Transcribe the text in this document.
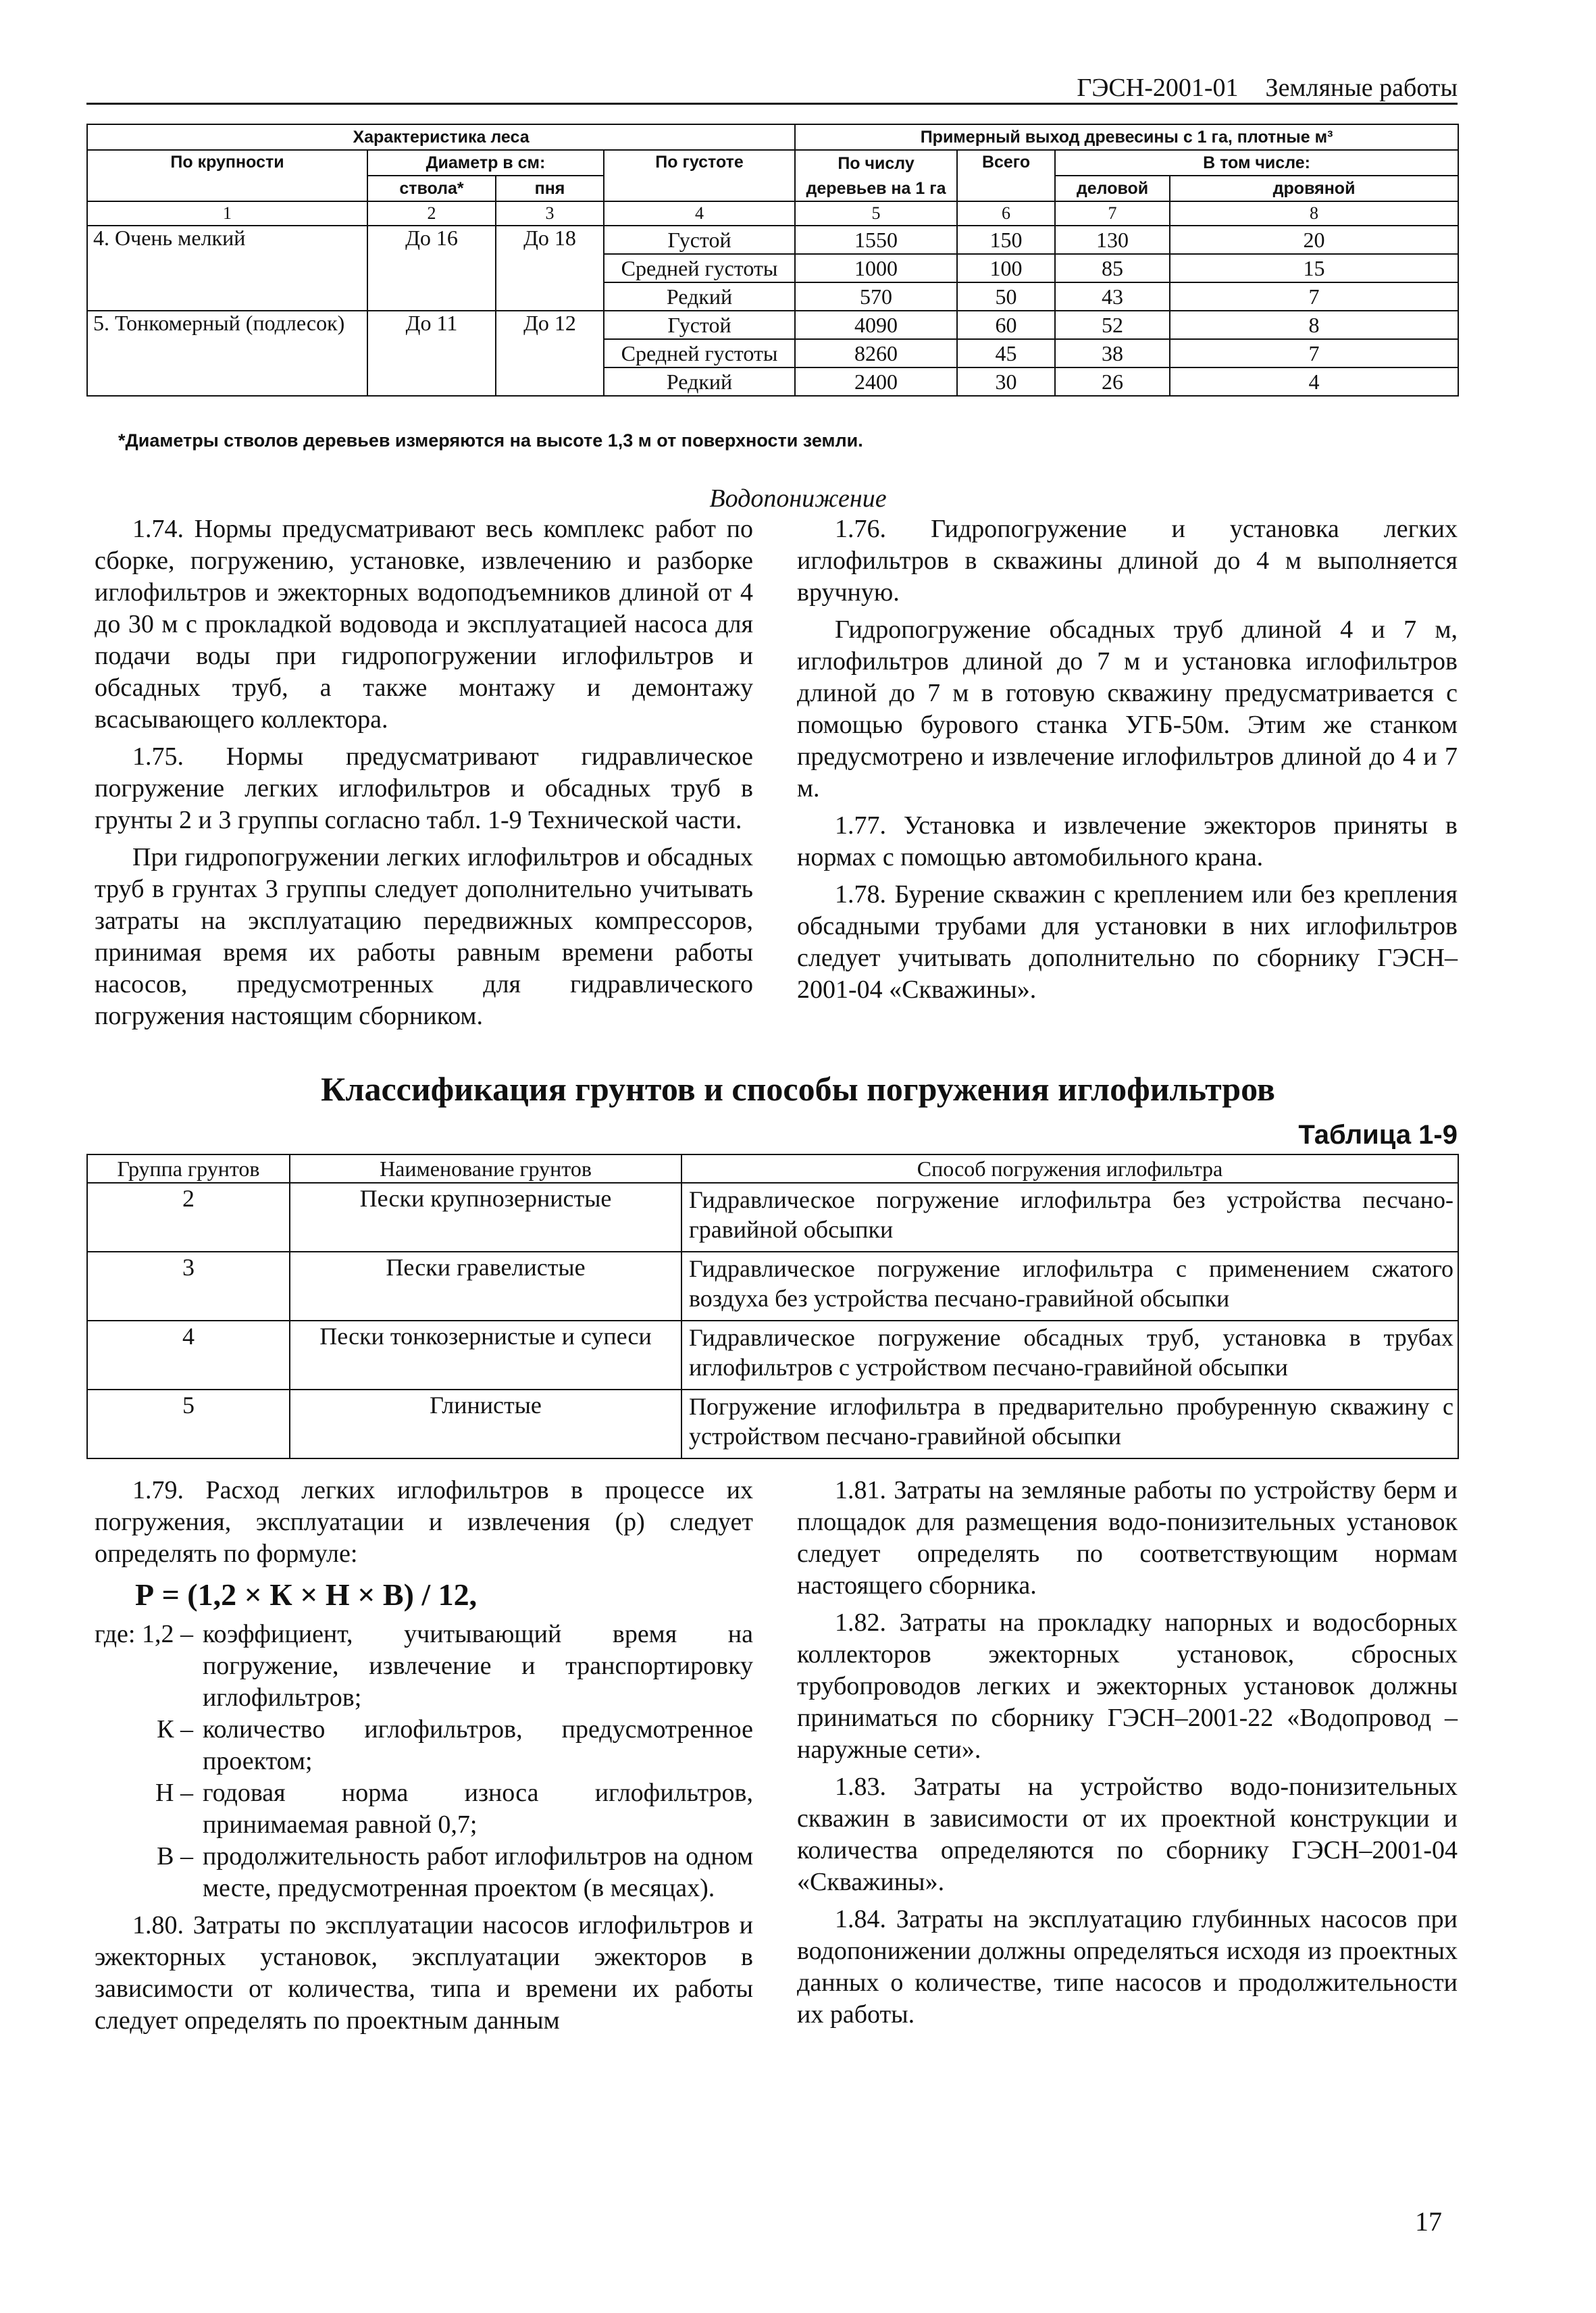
ГЭСН-2001-01 Земляные работы
Характеристика леса				Примерный выход древесины с 1 га, плотные м³			
По крупности	Диаметр в см:		По густоте	По числу	Всего	В том числе:	
	ствола*	пня		деревьев на 1 га		деловой	дровяной
1	2	3	4	5	6	7	8
4. Очень мелкий	До 16	До 18	Густой	1550	150	130	20
			Средней густоты	1000	100	85	15
			Редкий	570	50	43	7
5. Тонкомерный (подлесок)	До 11	До 12	Густой	4090	60	52	8
			Средней густоты	8260	45	38	7
			Редкий	2400	30	26	4
*Диаметры стволов деревьев измеряются на высоте 1,3 м от поверхности земли.
Водопонижение

1.74. Нормы предусматривают весь комплекс работ по сборке, погружению, установке, извлечению и разборке иглофильтров и эжекторных водоподъемников длиной от 4 до 30 м с прокладкой водовода и эксплуатацией насоса для подачи воды при гидропогружении иглофильтров и обсадных труб, а также монтажу и демонтажу всасывающего коллектора.

1.75. Нормы предусматривают гидравлическое погружение легких иглофильтров и обсадных труб в грунты 2 и 3 группы согласно табл. 1-9 Технической части.

При гидропогружении легких иглофильтров и обсадных труб в грунтах 3 группы следует дополнительно учитывать затраты на эксплуатацию передвижных компрессоров, принимая время их работы равным времени работы насосов, предусмотренных для гидравлического погружения настоящим сборником.

1.76. Гидропогружение и установка легких иглофильтров в скважины длиной до 4 м выполняется вручную.

Гидропогружение обсадных труб длиной 4 и 7 м, иглофильтров длиной до 7 м и установка иглофильтров длиной до 7 м в готовую скважину предусматривается с помощью бурового станка УГБ-50м. Этим же станком предусмотрено и извлечение иглофильтров длиной до 4 и 7 м.

1.77. Установка и извлечение эжекторов приняты в нормах с помощью автомобильного крана.

1.78. Бурение скважин с креплением или без крепления обсадными трубами для установки в них иглофильтров следует учитывать дополнительно по сборнику ГЭСН–2001-04 «Скважины».

Классификация грунтов и способы погружения иглофильтров
Таблица 1-9
Группа грунтов	Наименование грунтов	Способ погружения иглофильтра
2	Пески крупнозернистые	Гидравлическое погружение иглофильтра без устройства песчано-гравийной обсыпки
3	Пески гравелистые	Гидравлическое погружение иглофильтра с применением сжатого воздуха без устройства песчано-гравийной обсыпки
4	Пески тонкозернистые и супеси	Гидравлическое погружение обсадных труб, установка в трубах иглофильтров с устройством песчано-гравийной обсыпки
5	Глинистые	Погружение иглофильтра в предварительно пробуренную скважину с устройством песчано-гравийной обсыпки

1.79. Расход легких иглофильтров в процессе их погружения, эксплуатации и извлечения (р) следует определять по формуле:

Р = (1,2 × К × Н × В) / 12,
где: 1,2 – коэффициент, учитывающий время на погружение, извлечение и транспортировку иглофильтров;
К – количество иглофильтров, предусмотренное проектом;
Н – годовая норма износа иглофильтров, принимаемая равной 0,7;
В – продолжительность работ иглофильтров на одном месте, предусмотренная проектом (в месяцах).

1.80. Затраты по эксплуатации насосов иглофильтров и эжекторных установок, эксплуатации эжекторов в зависимости от количества, типа и времени их работы следует определять по проектным данным

1.81. Затраты на земляные работы по устройству берм и площадок для размещения водо-понизительных установок следует определять по соответствующим нормам настоящего сборника.

1.82. Затраты на прокладку напорных и водосборных коллекторов эжекторных установок, сбросных трубопроводов легких и эжекторных установок должны приниматься по сборнику ГЭСН–2001-22 «Водопровод – наружные сети».

1.83. Затраты на устройство водо-понизительных скважин в зависимости от их проектной конструкции и количества определяются по сборнику ГЭСН–2001-04 «Скважины».

1.84. Затраты на эксплуатацию глубинных насосов при водопонижении должны определяться исходя из проектных данных о количестве, типе насосов и продолжительности их работы.

17
